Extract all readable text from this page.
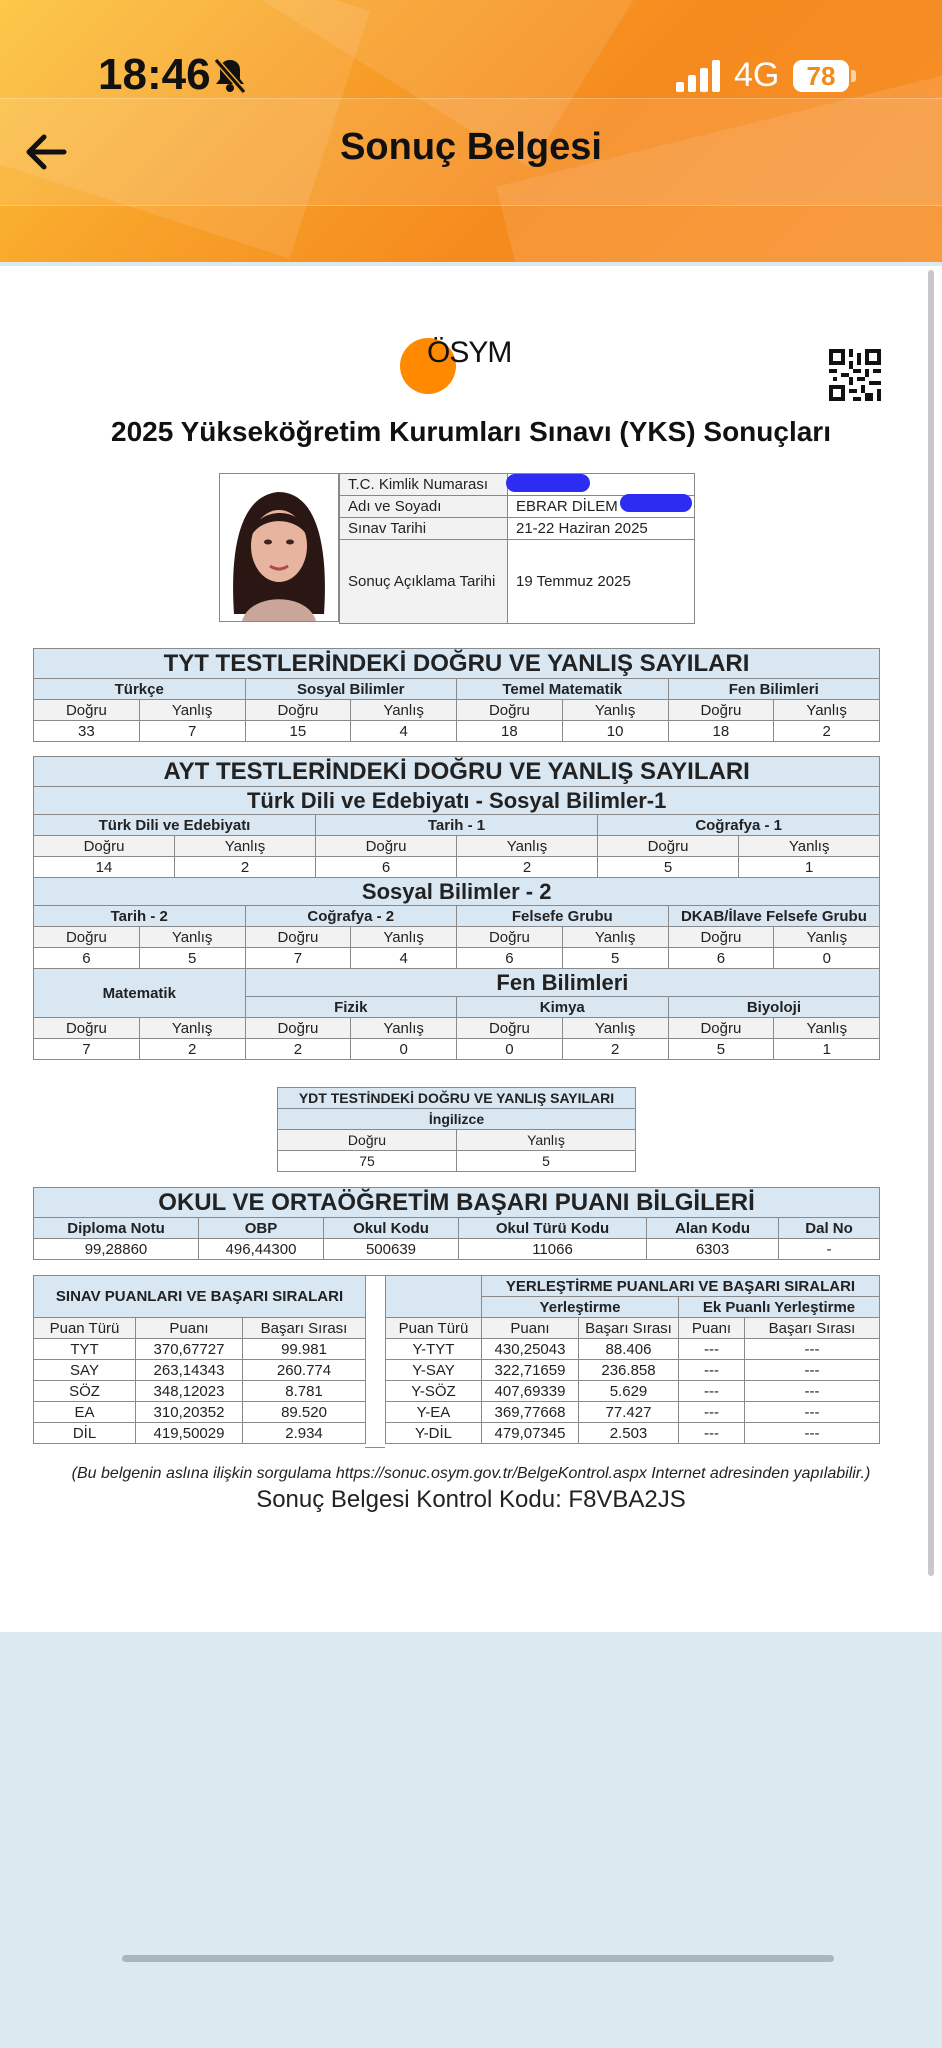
18:46	4G	78
Sonuç Belgesi
ÖSYM
2025 Yükseköğretim Kurumları Sınavı (YKS) Sonuçları
T.C. Kimlik Numarası	
Adı ve Soyadı	EBRAR DİLEM
Sınav Tarihi	21-22 Haziran 2025
Sonuç Açıklama Tarihi	19 Temmuz 2025
TYT TESTLERİNDEKİ DOĞRU VE YANLIŞ SAYILARI							
Türkçe		Sosyal Bilimler		Temel Matematik		Fen Bilimleri	
Doğru	Yanlış	Doğru	Yanlış	Doğru	Yanlış	Doğru	Yanlış
33	7	15	4	18	10	18	2
AYT TESTLERİNDEKİ DOĞRU VE YANLIŞ SAYILARI											
Türk Dili ve Edebiyatı - Sosyal Bilimler-1											
Türk Dili ve Edebiyatı				Tarih - 1				Coğrafya - 1			
Doğru		Yanlış		Doğru		Yanlış		Doğru		Yanlış	
14		2		6		2		5		1	
Sosyal Bilimler - 2											
Tarih - 2			Coğrafya - 2			Felsefe Grubu			DKAB/İlave Felsefe Grubu		
Doğru	Yanlış		Doğru		Yanlış	Doğru	Yanlış		Doğru		Yanlış
6	5		7		4	6	5		6		0
Matematik			Fen Bilimleri								
			Fizik			Kimya			Biyoloji		
Doğru	Yanlış		Doğru		Yanlış	Doğru	Yanlış		Doğru		Yanlış
7	2		2		0	0	2		5		1
YDT TESTİNDEKİ DOĞRU VE YANLIŞ SAYILARI	
İngilizce	
Doğru	Yanlış
75	5
OKUL VE ORTAÖĞRETİM BAŞARI PUANI BİLGİLERİ					
Diploma Notu	OBP	Okul Kodu	Okul Türü Kodu	Alan Kodu	Dal No
99,28860	496,44300	500639	11066	6303	-
SINAV PUANLARI VE BAŞARI SIRALARI		
Puan Türü	Puanı	Başarı Sırası
TYT	370,67727	99.981
SAY	263,14343	260.774
SÖZ	348,12023	8.781
EA	310,20352	89.520
DİL	419,50029	2.934
	YERLEŞTİRME PUANLARI VE BAŞARI SIRALARI			
	Yerleştirme		Ek Puanlı Yerleştirme	
Puan Türü	Puanı	Başarı Sırası	Puanı	Başarı Sırası
Y-TYT	430,25043	88.406	---	---
Y-SAY	322,71659	236.858	---	---
Y-SÖZ	407,69339	5.629	---	---
Y-EA	369,77668	77.427	---	---
Y-DİL	479,07345	2.503	---	---
(Bu belgenin aslına ilişkin sorgulama https://sonuc.osym.gov.tr/BelgeKontrol.aspx Internet adresinden yapılabilir.)
Sonuç Belgesi Kontrol Kodu: F8VBA2JS
